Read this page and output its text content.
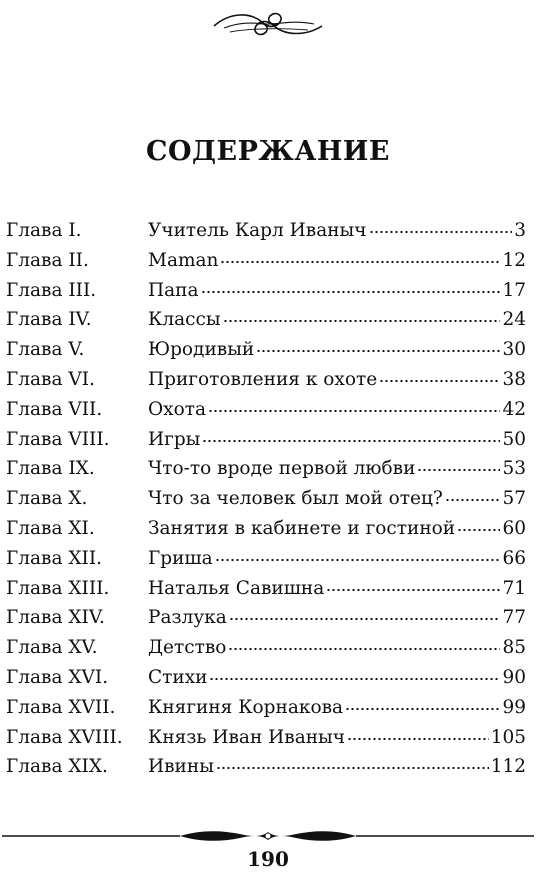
СОДЕРЖАНИЕ
Глава I.	Учитель Карл Иваныч	3
Глава II.	Maman	12
Глава III.	Папа	17
Глава IV.	Классы	24
Глава V.	Юродивый	30
Глава VI.	Приготовления к охоте	38
Глава VII.	Охота	42
Глава VIII.	Игры	50
Глава IX.	Что-то вроде первой любви	53
Глава X.	Что за человек был мой отец?	57
Глава XI.	Занятия в кабинете и гостиной	60
Глава XII.	Гриша	66
Глава XIII.	Наталья Савишна	71
Глава XIV.	Разлука	77
Глава XV.	Детство	85
Глава XVI.	Стихи	90
Глава XVII.	Княгиня Корнакова	99
Глава XVIII.	Князь Иван Иваныч	105
Глава XIX.	Ивины	112
190
